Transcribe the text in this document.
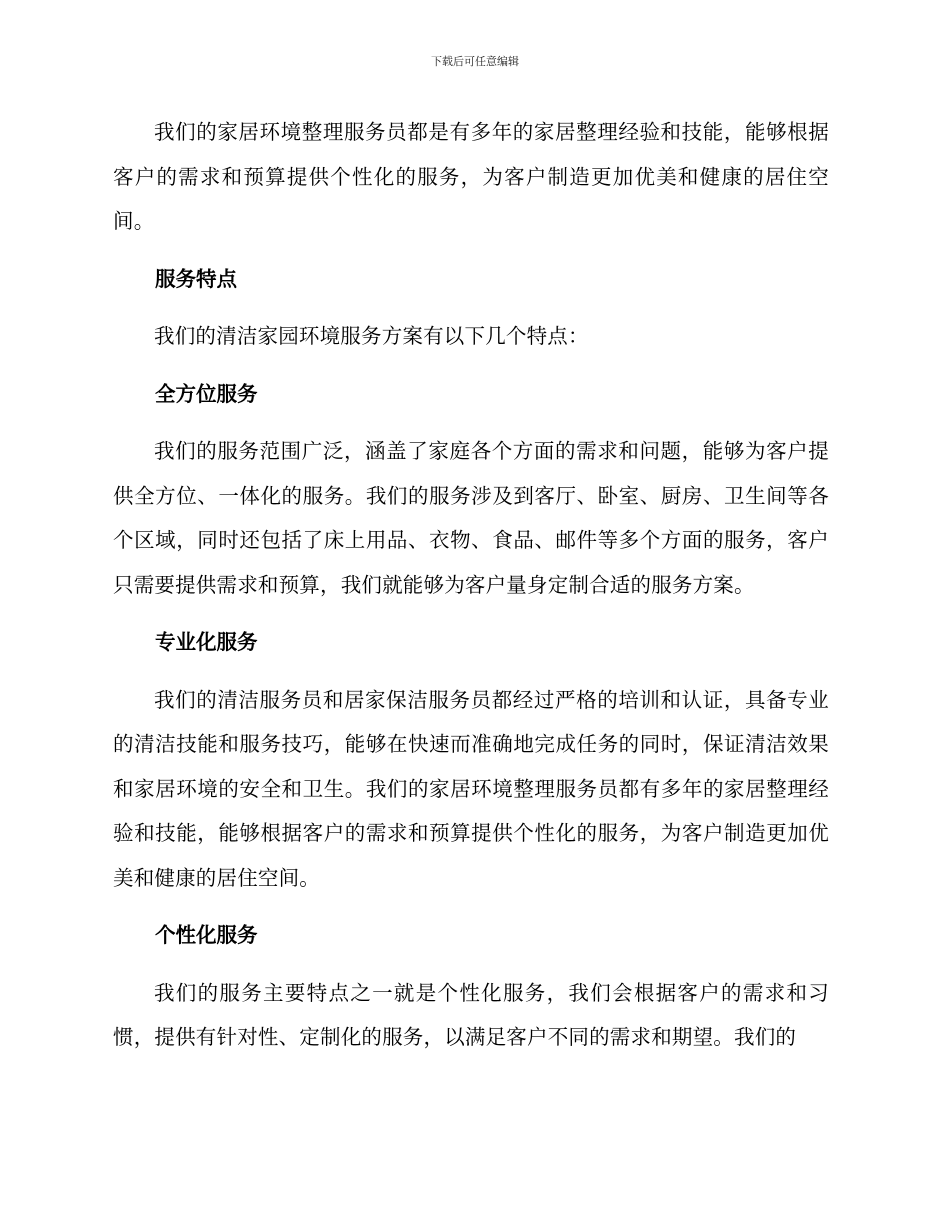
下载后可任意编辑

我们的家居环境整理服务员都是有多年的家居整理经验和技能，能够根据客户的需求和预算提供个性化的服务，为客户制造更加优美和健康的居住空间。

服务特点

我们的清洁家园环境服务方案有以下几个特点：

全方位服务

我们的服务范围广泛，涵盖了家庭各个方面的需求和问题，能够为客户提供全方位、一体化的服务。我们的服务涉及到客厅、卧室、厨房、卫生间等各个区域，同时还包括了床上用品、衣物、食品、邮件等多个方面的服务，客户只需要提供需求和预算，我们就能够为客户量身定制合适的服务方案。

专业化服务

我们的清洁服务员和居家保洁服务员都经过严格的培训和认证，具备专业的清洁技能和服务技巧，能够在快速而准确地完成任务的同时，保证清洁效果和家居环境的安全和卫生。我们的家居环境整理服务员都有多年的家居整理经验和技能，能够根据客户的需求和预算提供个性化的服务，为客户制造更加优美和健康的居住空间。

个性化服务

我们的服务主要特点之一就是个性化服务，我们会根据客户的需求和习惯，提供有针对性、定制化的服务，以满足客户不同的需求和期望。我们的
